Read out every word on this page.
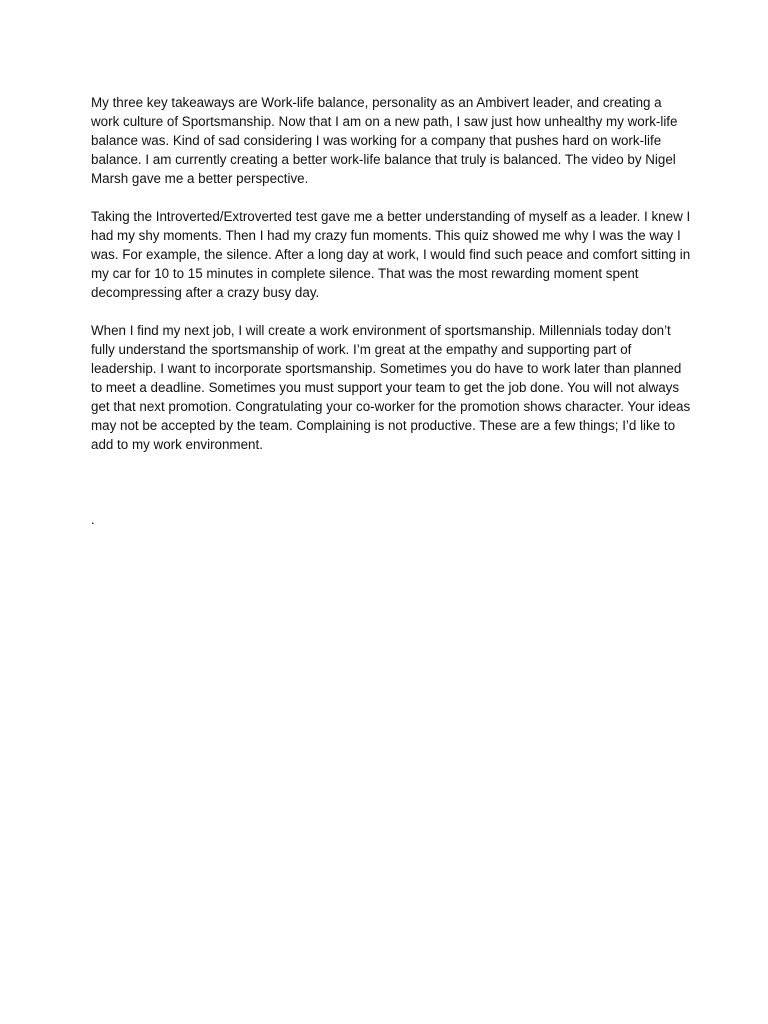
My three key takeaways are Work-life balance, personality as an Ambivert leader, and creating a work culture of Sportsmanship. Now that I am on a new path, I saw just how unhealthy my work-life balance was. Kind of sad considering I was working for a company that pushes hard on work-life balance. I am currently creating a better work-life balance that truly is balanced. The video by Nigel Marsh gave me a better perspective.

Taking the Introverted/Extroverted test gave me a better understanding of myself as a leader. I knew I had my shy moments. Then I had my crazy fun moments. This quiz showed me why I was the way I was. For example, the silence. After a long day at work, I would find such peace and comfort sitting in my car for 10 to 15 minutes in complete silence. That was the most rewarding moment spent decompressing after a crazy busy day.

When I find my next job, I will create a work environment of sportsmanship. Millennials today don’t fully understand the sportsmanship of work. I’m great at the empathy and supporting part of leadership. I want to incorporate sportsmanship. Sometimes you do have to work later than planned to meet a deadline. Sometimes you must support your team to get the job done. You will not always get that next promotion. Congratulating your co-worker for the promotion shows character. Your ideas may not be accepted by the team. Complaining is not productive. These are a few things; I’d like to add to my work environment.

.
